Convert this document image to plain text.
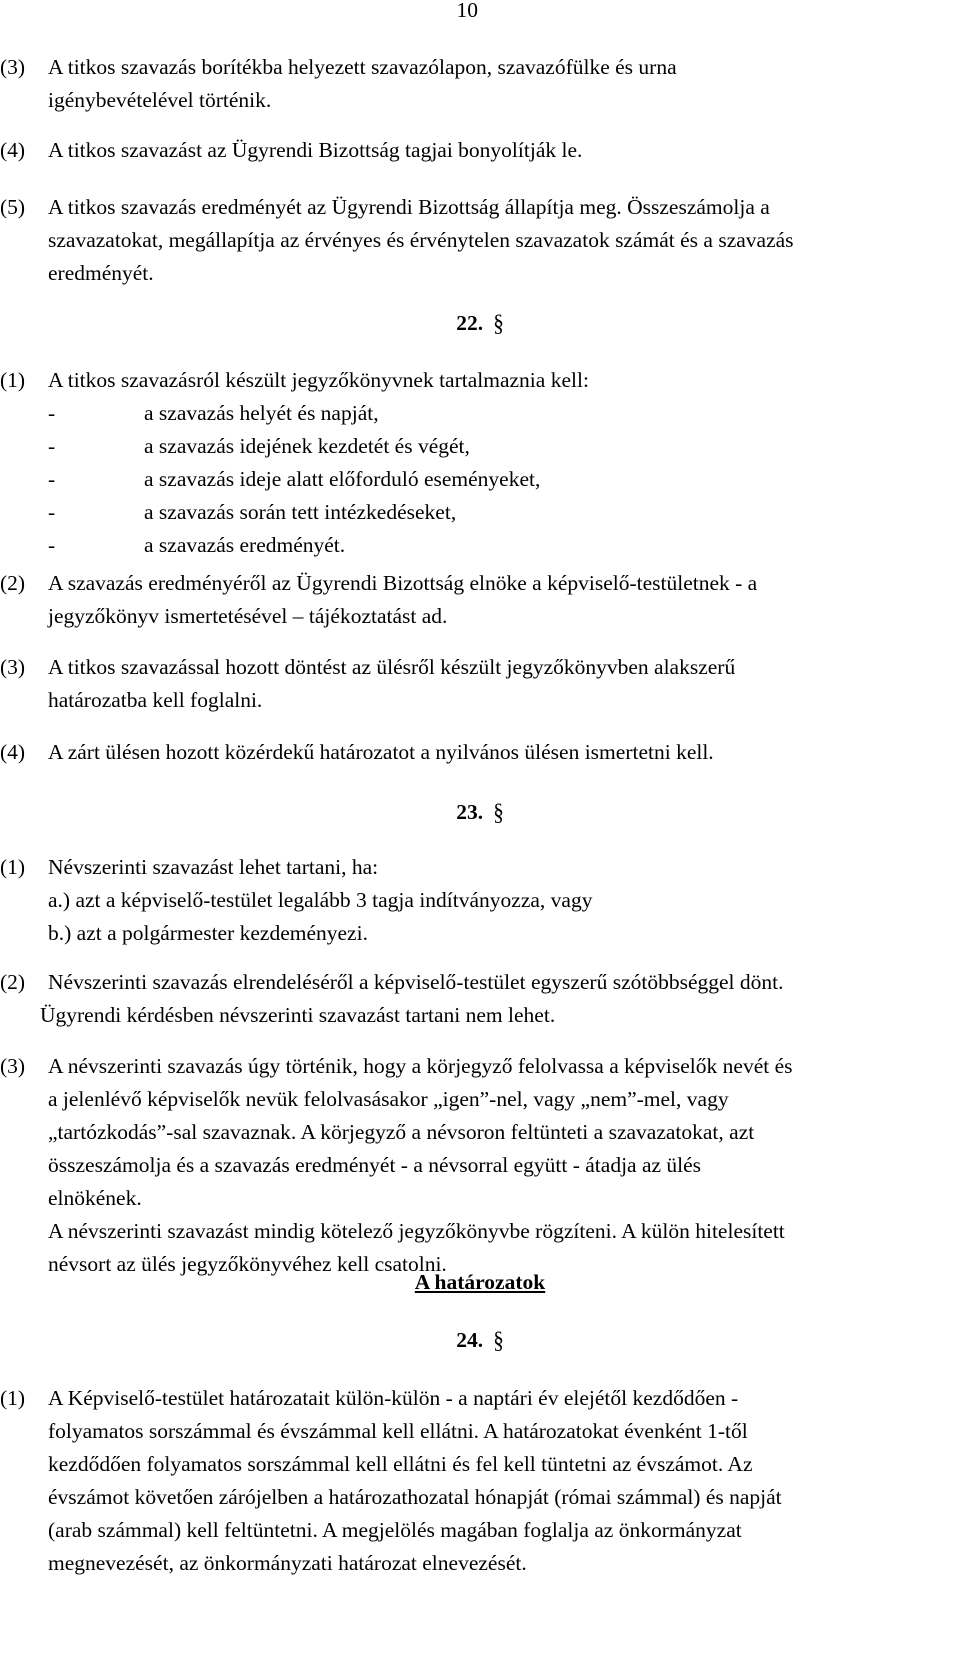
10
(3)	A titkos szavazás borítékba helyezett szavazólapon, szavazófülke és urna
igénybevételével történik.
(4)	A titkos szavazást az Ügyrendi Bizottság tagjai bonyolítják le.
(5)	A titkos szavazás eredményét az Ügyrendi Bizottság állapítja meg. Összeszámolja a
szavazatokat, megállapítja az érvényes és érvénytelen szavazatok számát és a szavazás
eredményét.
22. §
(1)	A titkos szavazásról készült jegyzőkönyvnek tartalmaznia kell:
-	a szavazás helyét és napját,
-	a szavazás idejének kezdetét és végét,
-	a szavazás ideje alatt előforduló eseményeket,
-	a szavazás során tett intézkedéseket,
-	a szavazás eredményét.
(2)	A szavazás eredményéről az Ügyrendi Bizottság elnöke a képviselő-testületnek - a
jegyzőkönyv ismertetésével – tájékoztatást ad.
(3)	A titkos szavazással hozott döntést az ülésről készült jegyzőkönyvben alakszerű
határozatba kell foglalni.
(4)	A zárt ülésen hozott közérdekű határozatot a nyilvános ülésen ismertetni kell.
23. §
(1)	Névszerinti szavazást lehet tartani, ha:
a.) azt a képviselő-testület legalább 3 tagja indítványozza, vagy
b.) azt a polgármester kezdeményezi.
(2)	Névszerinti szavazás elrendeléséről a képviselő-testület egyszerű szótöbbséggel dönt.
Ügyrendi kérdésben névszerinti szavazást tartani nem lehet.
(3)	A névszerinti szavazás úgy történik, hogy a körjegyző felolvassa a képviselők nevét és
a jelenlévő képviselők nevük felolvasásakor „igen”-nel, vagy „nem”-mel, vagy
„tartózkodás”-sal szavaznak. A körjegyző a névsoron feltünteti a szavazatokat, azt
összeszámolja és a szavazás eredményét - a névsorral együtt - átadja az ülés
elnökének.
A névszerinti szavazást mindig kötelező jegyzőkönyvbe rögzíteni. A külön hitelesített
névsort az ülés jegyzőkönyvéhez kell csatolni.
A határozatok
24. §
(1)	A Képviselő-testület határozatait külön-külön - a naptári év elejétől kezdődően -
folyamatos sorszámmal és évszámmal kell ellátni. A határozatokat évenként 1-től
kezdődően folyamatos sorszámmal kell ellátni és fel kell tüntetni az évszámot. Az
évszámot követően zárójelben a határozathozatal hónapját (római számmal) és napját
(arab számmal) kell feltüntetni. A megjelölés magában foglalja az önkormányzat
megnevezését, az önkormányzati határozat elnevezését.
